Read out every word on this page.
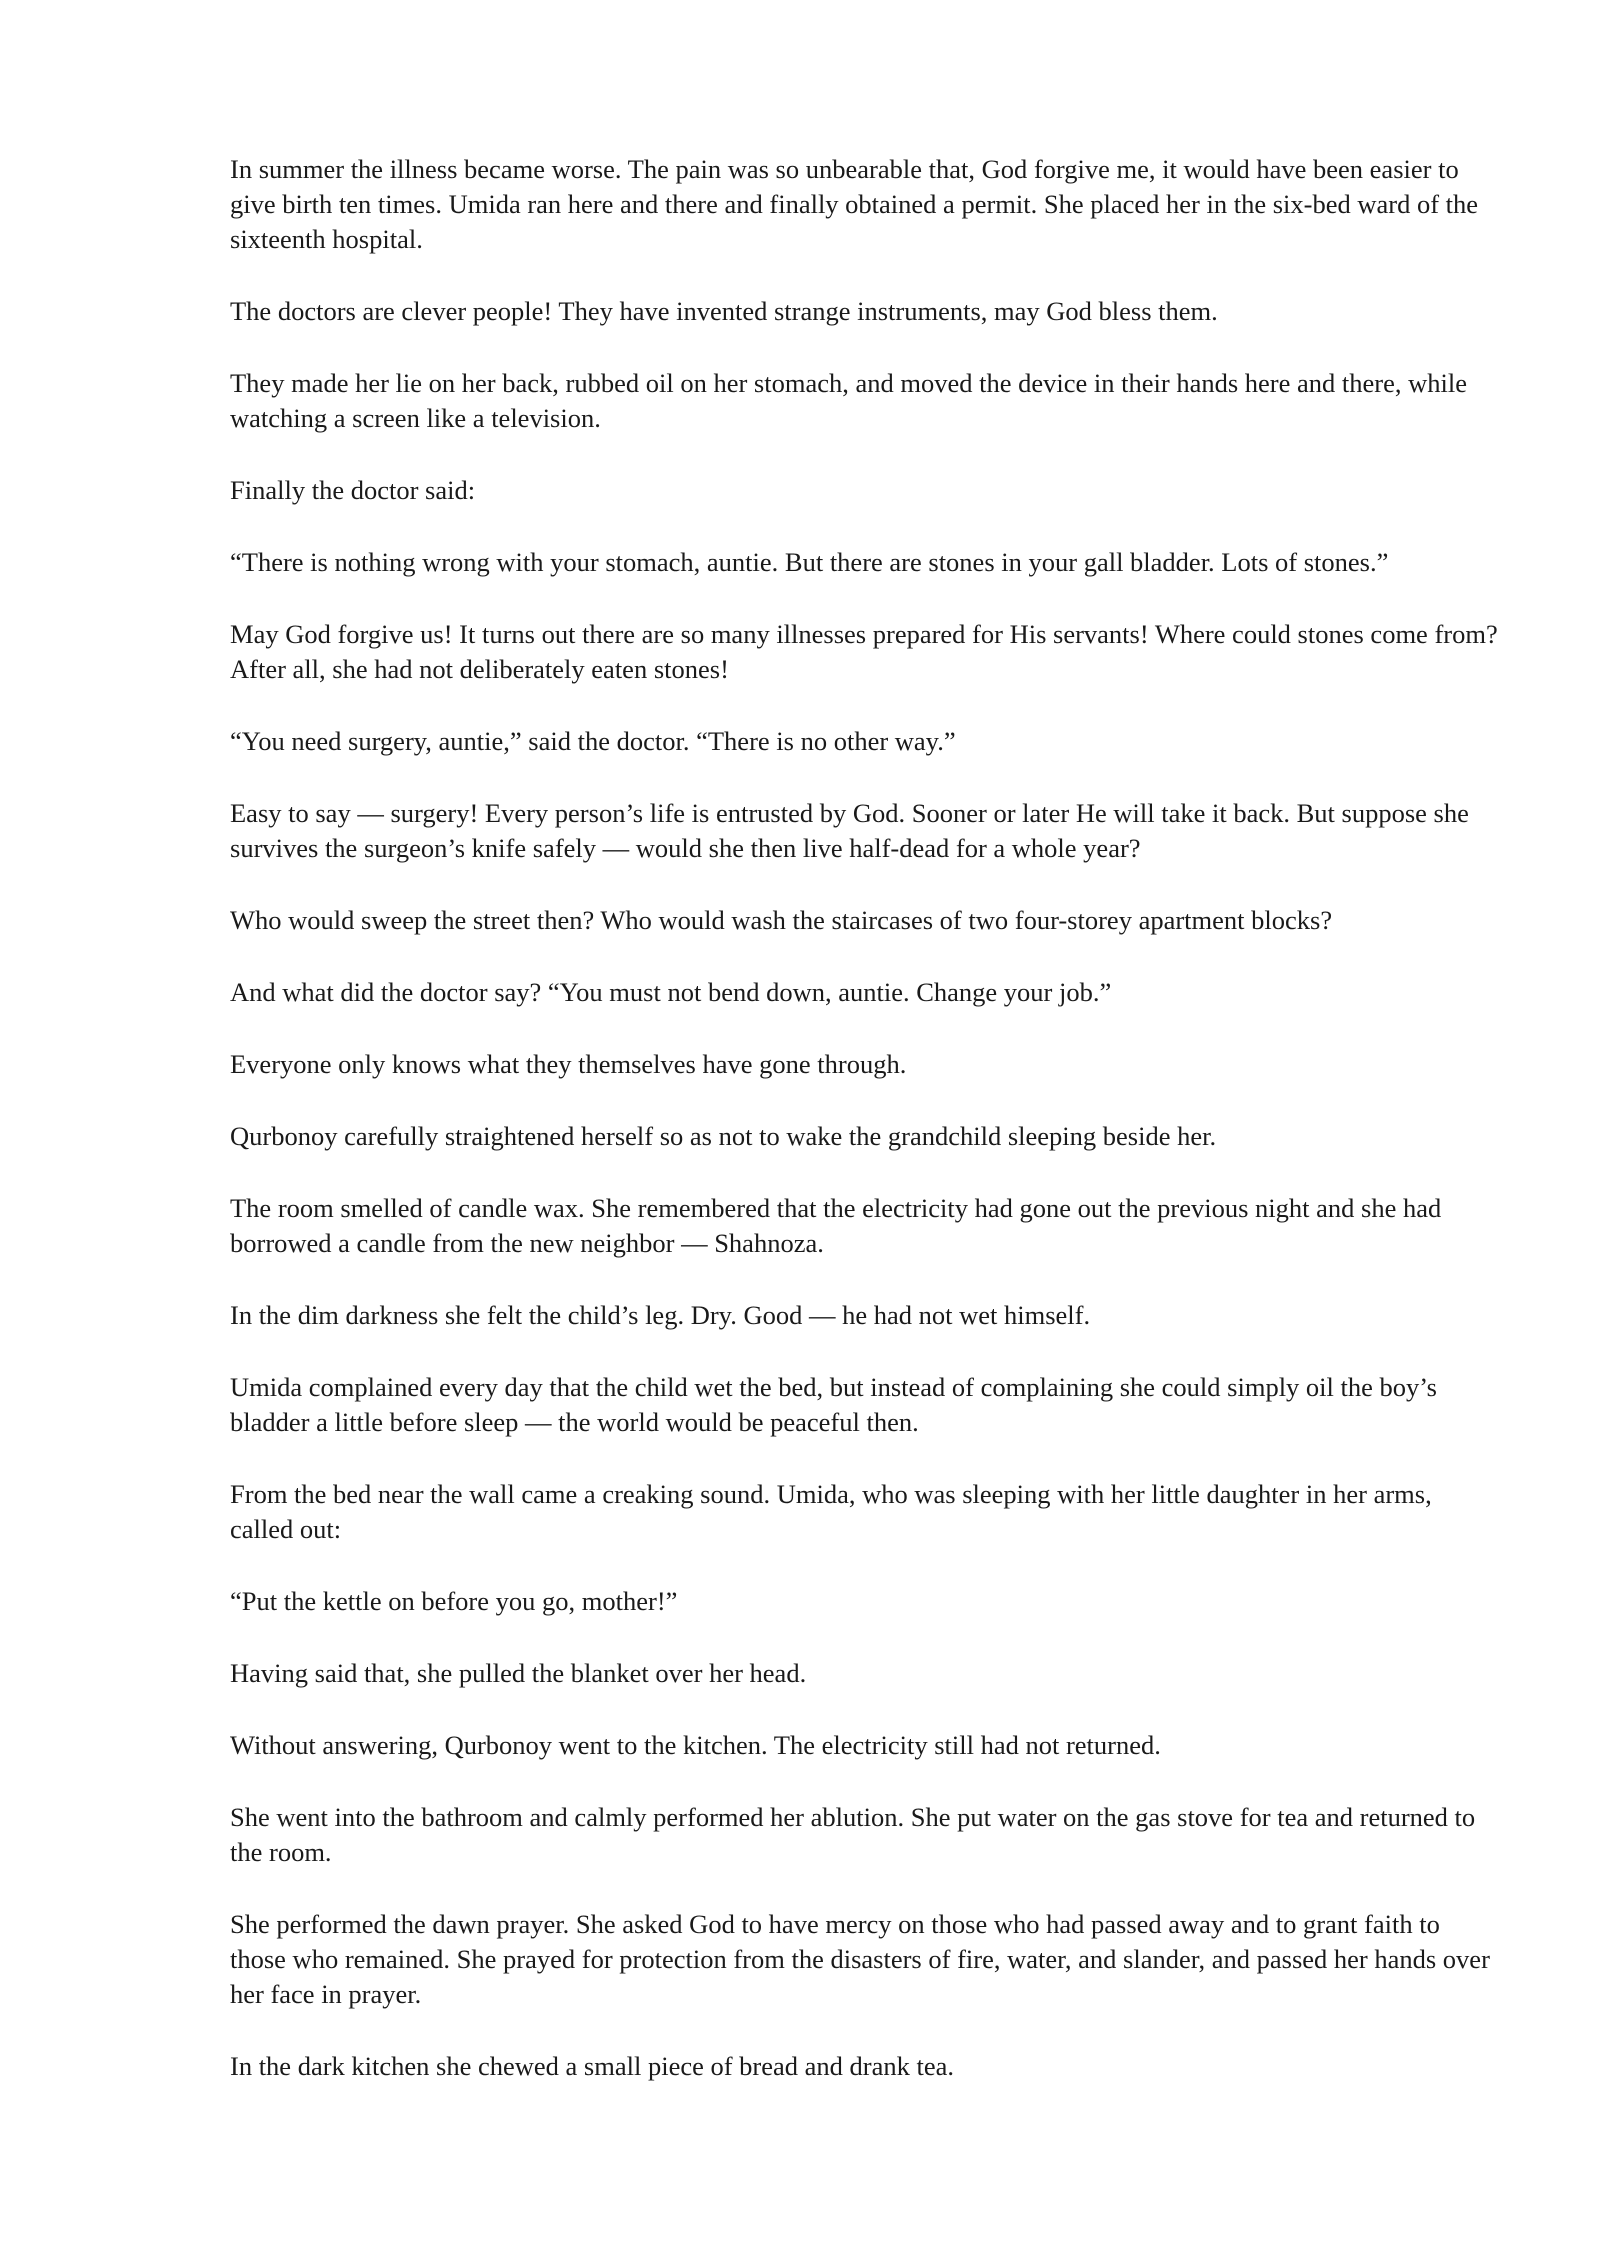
In summer the illness became worse. The pain was so unbearable that, God forgive me, it would have been easier to give birth ten times. Umida ran here and there and finally obtained a permit. She placed her in the six-bed ward of the sixteenth hospital.

The doctors are clever people! They have invented strange instruments, may God bless them.

They made her lie on her back, rubbed oil on her stomach, and moved the device in their hands here and there, while watching a screen like a television.

Finally the doctor said:

“There is nothing wrong with your stomach, auntie. But there are stones in your gall bladder. Lots of stones.”

May God forgive us! It turns out there are so many illnesses prepared for His servants! Where could stones come from? After all, she had not deliberately eaten stones!

“You need surgery, auntie,” said the doctor. “There is no other way.”

Easy to say — surgery! Every person’s life is entrusted by God. Sooner or later He will take it back. But suppose she survives the surgeon’s knife safely — would she then live half-dead for a whole year?

Who would sweep the street then? Who would wash the staircases of two four-storey apartment blocks?

And what did the doctor say? “You must not bend down, auntie. Change your job.”

Everyone only knows what they themselves have gone through.

Qurbonoy carefully straightened herself so as not to wake the grandchild sleeping beside her.

The room smelled of candle wax. She remembered that the electricity had gone out the previous night and she had borrowed a candle from the new neighbor — Shahnoza.

In the dim darkness she felt the child’s leg. Dry. Good — he had not wet himself.

Umida complained every day that the child wet the bed, but instead of complaining she could simply oil the boy’s bladder a little before sleep — the world would be peaceful then.

From the bed near the wall came a creaking sound. Umida, who was sleeping with her little daughter in her arms, called out:

“Put the kettle on before you go, mother!”

Having said that, she pulled the blanket over her head.

Without answering, Qurbonoy went to the kitchen. The electricity still had not returned.

She went into the bathroom and calmly performed her ablution. She put water on the gas stove for tea and returned to the room.

She performed the dawn prayer. She asked God to have mercy on those who had passed away and to grant faith to those who remained. She prayed for protection from the disasters of fire, water, and slander, and passed her hands over her face in prayer.

In the dark kitchen she chewed a small piece of bread and drank tea.
